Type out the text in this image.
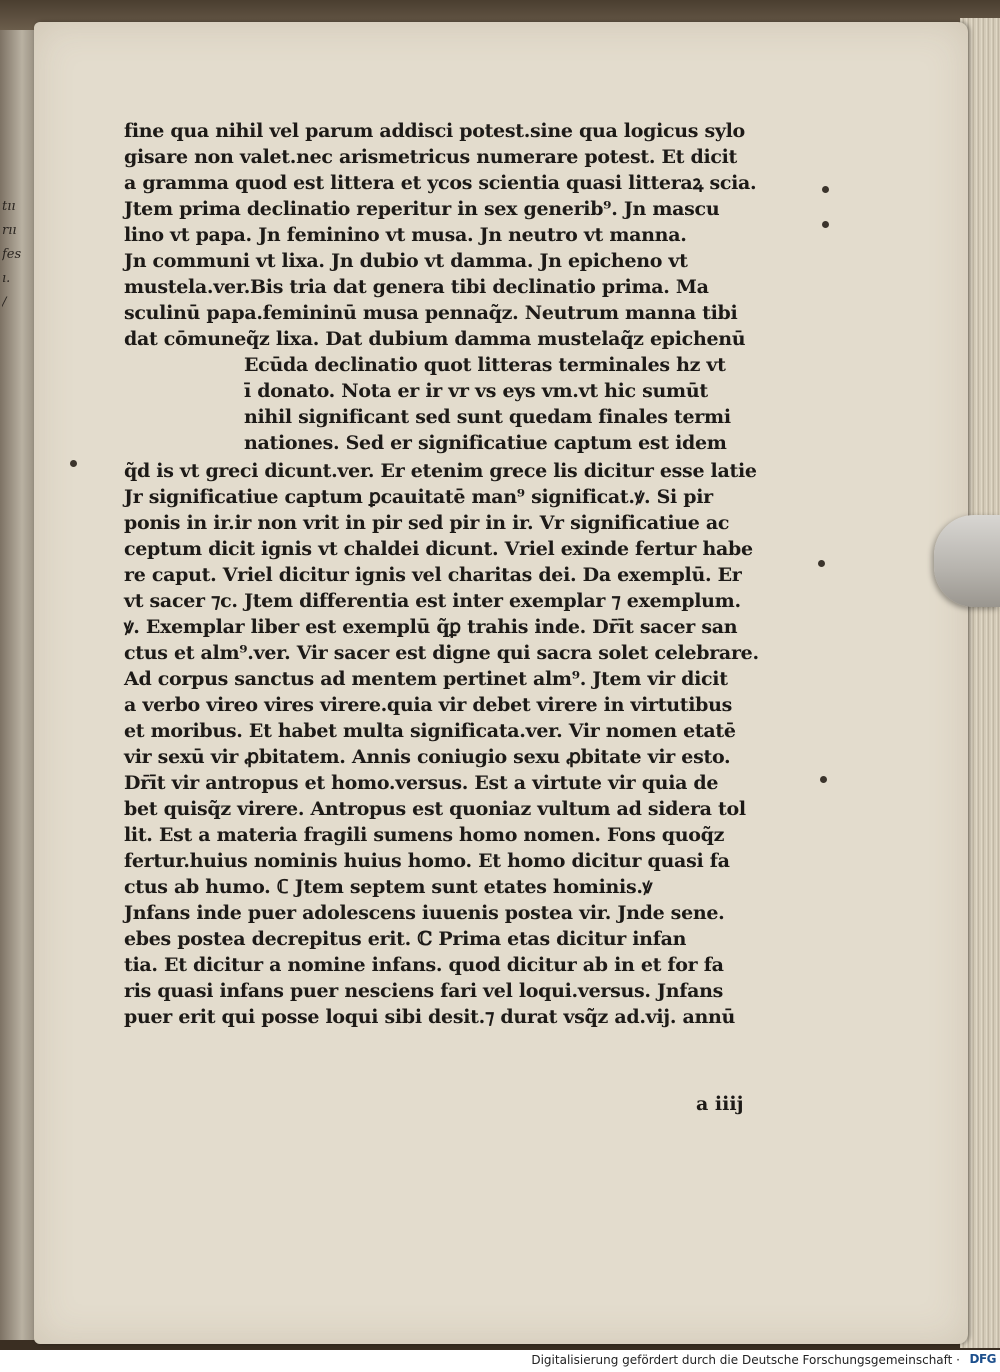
tıı
rıı
fes
ı.
/
fine qua nihil vel parum addisci potest.sine qua logicus sylo
gisare non valet.nec arismetricus numerare potest. Et dicit
a gramma quod est littera et ycos scientia quasi litteraꝝ scia.
Jtem prima declinatio reperitur in sex generib⁹. Jn mascu
lino vt papa. Jn feminino vt musa. Jn neutro vt manna.
Jn communi vt lixa. Jn dubio vt damma. Jn epicheno vt
mustela.ver.Bis tria dat genera tibi declinatio prima. Ma
sculinū papa.femininū musa pennaq̃z. Neutrum manna tibi
dat cōmuneq̃z lixa. Dat dubium damma mustelaq̃z epichenū
Ecūda declinatio quot litteras terminales hz vt
ī donato. Nota er ir vr vs eys vm.vt hic sumūt
nihil significant sed sunt quedam finales termi
nationes. Sed er significatiue captum est idem
q̃d is vt greci dicunt.ver. Er etenim grece lis dicitur esse latie
Jr significatiue captum ꝑcauitatē man⁹ significat.ꝟ. Si pir
ponis in ir.ir non vrit in pir sed pir in ir. Vr significatiue ac
ceptum dicit ignis vt chaldei dicunt. Vriel exinde fertur habe
re caput. Vriel dicitur ignis vel charitas dei. Da exemplū. Er
vt sacer ⁊c. Jtem differentia est inter exemplar ⁊ exemplum.
ꝟ. Exemplar liber est exemplū q̃ꝑ trahis inde. Dr̄īt sacer san
ctus et alm⁹.ver. Vir sacer est digne qui sacra solet celebrare.
Ad corpus sanctus ad mentem pertinet alm⁹. Jtem vir dicit
a verbo vireo vires virere.quia vir debet virere in virtutibus
et moribus. Et habet multa significata.ver. Vir nomen etatē
vir sexū vir ꝓbitatem. Annis coniugio sexu ꝓbitate vir esto.
Dr̄īt vir antropus et homo.versus. Est a virtute vir quia de
bet quisq̃z virere. Antropus est quoniaz vultum ad sidera tol
lit. Est a materia fragili sumens homo nomen. Fons quoq̃z
fertur.huius nominis huius homo. Et homo dicitur quasi fa
ctus ab humo. ℂ Jtem septem sunt etates hominis.ꝟ
Jnfans inde puer adolescens iuuenis postea vir. Jnde sene.
ebes postea decrepitus erit. ℂ Prima etas dicitur infan
tia. Et dicitur a nomine infans. quod dicitur ab in et for fa
ris quasi infans puer nesciens fari vel loqui.versus. Jnfans
puer erit qui posse loqui sibi desit.⁊ durat vsq̃z ad.vij. annū
a iiij
Digitalisierung gefördert durch die Deutsche Forschungsgemeinschaft · DFG
